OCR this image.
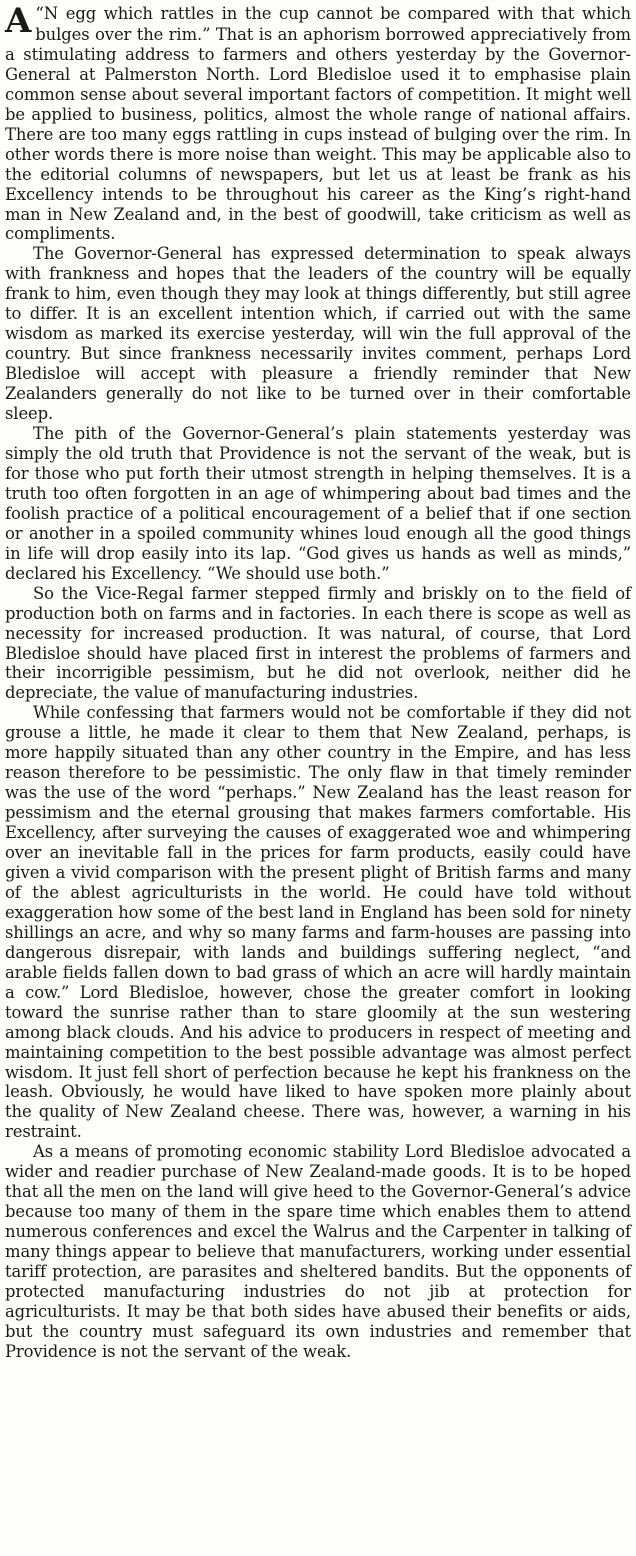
“
A N egg which rattles in the cup cannot be compared with that which bulges over the rim.” That is an aphorism borrowed appreciatively from a stimulating address to farmers and others yesterday by the Governor-General at Palmerston North. Lord Bledisloe used it to emphasise plain common sense about several important factors of competition. It might well be applied to business, politics, almost the whole range of national affairs. There are too many eggs rattling in cups instead of bulging over the rim. In other words there is more noise than weight. This may be applicable also to the editorial columns of newspapers, but let us at least be frank as his Excellency intends to be throughout his career as the King’s right-hand man in New Zealand and, in the best of goodwill, take criticism as well as compliments.

The Governor-General has expressed determination to speak always with frankness and hopes that the leaders of the country will be equally frank to him, even though they may look at things differently, but still agree to differ. It is an excellent intention which, if carried out with the same wisdom as marked its exercise yesterday, will win the full approval of the country. But since frankness necessarily invites comment, perhaps Lord Bledisloe will accept with pleasure a friendly reminder that New Zealanders generally do not like to be turned over in their comfortable sleep.

The pith of the Governor-General’s plain statements yesterday was simply the old truth that Providence is not the servant of the weak, but is for those who put forth their utmost strength in helping themselves. It is a truth too often forgotten in an age of whimpering about bad times and the foolish practice of a political encouragement of a belief that if one section or another in a spoiled community whines loud enough all the good things in life will drop easily into its lap. “God gives us hands as well as minds,” declared his Excellency. “We should use both.”

So the Vice-Regal farmer stepped firmly and briskly on to the field of production both on farms and in factories. In each there is scope as well as necessity for increased production. It was natural, of course, that Lord Bledisloe should have placed first in interest the problems of farmers and their incorrigible pessimism, but he did not overlook, neither did he depreciate, the value of manufacturing industries.

While confessing that farmers would not be comfortable if they did not grouse a little, he made it clear to them that New Zealand, perhaps, is more happily situated than any other country in the Empire, and has less reason therefore to be pessimistic. The only flaw in that timely reminder was the use of the word “perhaps.” New Zealand has the least reason for pessimism and the eternal grousing that makes farmers comfortable. His Excellency, after surveying the causes of exaggerated woe and whimpering over an inevitable fall in the prices for farm products, easily could have given a vivid comparison with the present plight of British farms and many of the ablest agriculturists in the world. He could have told without exaggeration how some of the best land in England has been sold for ninety shillings an acre, and why so many farms and farm-houses are passing into dangerous disrepair, with lands and buildings suffering neglect, “and arable fields fallen down to bad grass of which an acre will hardly maintain a cow.” Lord Bledisloe, however, chose the greater comfort in looking toward the sunrise rather than to stare gloomily at the sun westering among black clouds. And his advice to producers in respect of meeting and maintaining competition to the best possible advantage was almost perfect wisdom. It just fell short of perfection because he kept his frankness on the leash. Obviously, he would have liked to have spoken more plainly about the quality of New Zealand cheese. There was, however, a warning in his restraint.

As a means of promoting economic stability Lord Bledisloe advocated a wider and readier purchase of New Zealand-made goods. It is to be hoped that all the men on the land will give heed to the Governor-General’s advice because too many of them in the spare time which enables them to attend numerous conferences and excel the Walrus and the Carpenter in talking of many things appear to believe that manufacturers, working under essential tariff protection, are parasites and sheltered bandits. But the opponents of protected manufacturing industries do not jib at protection for agriculturists. It may be that both sides have abused their benefits or aids, but the country must safeguard its own industries and remember that Providence is not the servant of the weak.
